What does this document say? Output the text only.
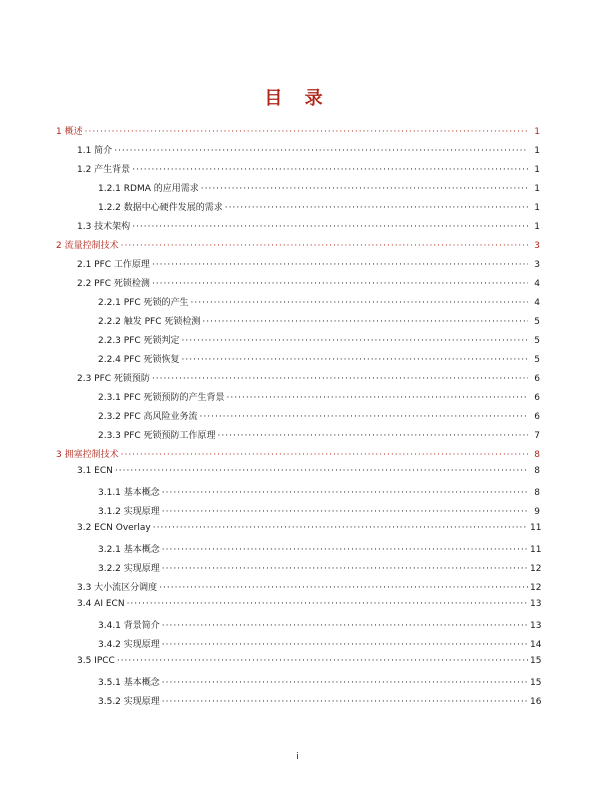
目 录
1 概述 ·····	1
1.1 简介 ·····	1
1.2 产生背景 ·····	1
1.2.1 RDMA 的应用需求 ·····	1
1.2.2 数据中心硬件发展的需求 ·····	1
1.3 技术架构 ·····	1
2 流量控制技术 ·····	3
2.1 PFC 工作原理 ·····	3
2.2 PFC 死锁检测 ·····	4
2.2.1 PFC 死锁的产生 ·····	4
2.2.2 触发 PFC 死锁检测 ·····	5
2.2.3 PFC 死锁判定 ·····	5
2.2.4 PFC 死锁恢复 ·····	5
2.3 PFC 死锁预防 ·····	6
2.3.1 PFC 死锁预防的产生背景 ·····	6
2.3.2 PFC 高风险业务流 ·····	6
2.3.3 PFC 死锁预防工作原理 ·····	7
3 拥塞控制技术 ·····	8
3.1 ECN ·····	8
3.1.1 基本概念 ·····	8
3.1.2 实现原理 ·····	9
3.2 ECN Overlay ·····	11
3.2.1 基本概念 ·····	11
3.2.2 实现原理 ·····	12
3.3 大小流区分调度 ·····	12
3.4 AI ECN ·····	13
3.4.1 背景简介 ·····	13
3.4.2 实现原理 ·····	14
3.5 IPCC ·····	15
3.5.1 基本概念 ·····	15
3.5.2 实现原理 ·····	16
i
